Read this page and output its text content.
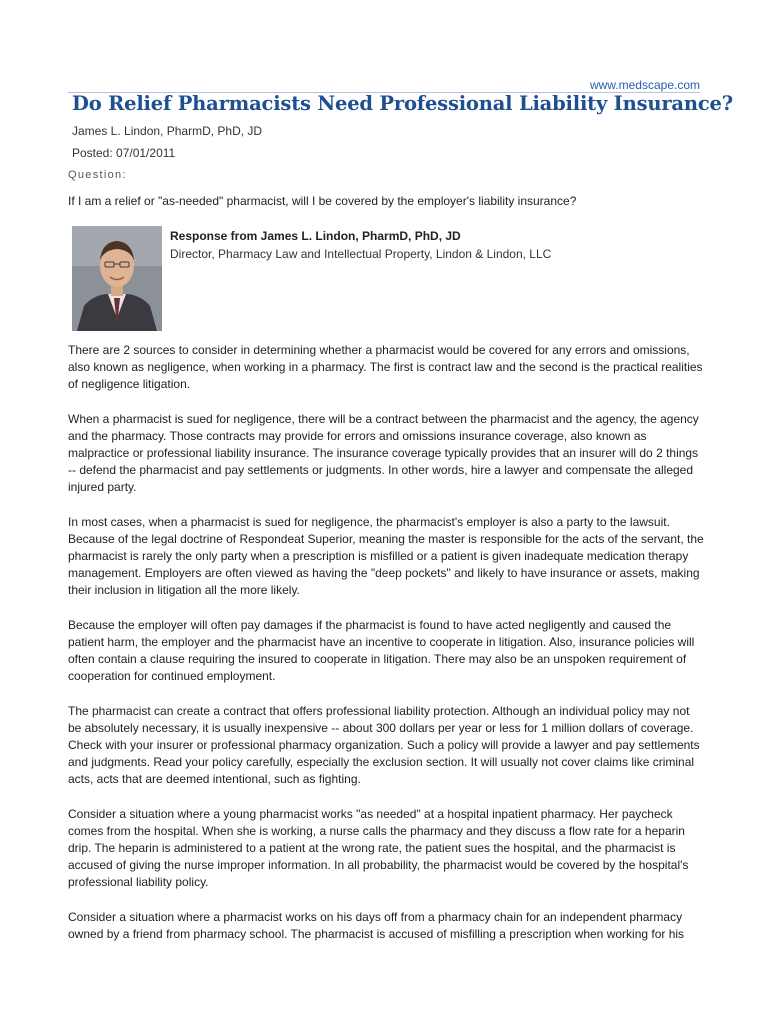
www.medscape.com
Do Relief Pharmacists Need Professional Liability Insurance?
James L. Lindon, PharmD, PhD, JD
Posted: 07/01/2011
Question:
If I am a relief or "as-needed" pharmacist, will I be covered by the employer's liability insurance?
Response from James L. Lindon, PharmD, PhD, JD
Director, Pharmacy Law and Intellectual Property, Lindon & Lindon, LLC

There are 2 sources to consider in determining whether a pharmacist would be covered for any errors and omissions, also known as negligence, when working in a pharmacy. The first is contract law and the second is the practical realities of negligence litigation.

When a pharmacist is sued for negligence, there will be a contract between the pharmacist and the agency, the agency and the pharmacy. Those contracts may provide for errors and omissions insurance coverage, also known as malpractice or professional liability insurance. The insurance coverage typically provides that an insurer will do 2 things -- defend the pharmacist and pay settlements or judgments. In other words, hire a lawyer and compensate the alleged injured party.

In most cases, when a pharmacist is sued for negligence, the pharmacist's employer is also a party to the lawsuit. Because of the legal doctrine of Respondeat Superior, meaning the master is responsible for the acts of the servant, the pharmacist is rarely the only party when a prescription is misfilled or a patient is given inadequate medication therapy management. Employers are often viewed as having the "deep pockets" and likely to have insurance or assets, making their inclusion in litigation all the more likely.

Because the employer will often pay damages if the pharmacist is found to have acted negligently and caused the patient harm, the employer and the pharmacist have an incentive to cooperate in litigation. Also, insurance policies will often contain a clause requiring the insured to cooperate in litigation. There may also be an unspoken requirement of cooperation for continued employment.

The pharmacist can create a contract that offers professional liability protection. Although an individual policy may not be absolutely necessary, it is usually inexpensive -- about 300 dollars per year or less for 1 million dollars of coverage. Check with your insurer or professional pharmacy organization. Such a policy will provide a lawyer and pay settlements and judgments. Read your policy carefully, especially the exclusion section. It will usually not cover claims like criminal acts, acts that are deemed intentional, such as fighting.

Consider a situation where a young pharmacist works "as needed" at a hospital inpatient pharmacy. Her paycheck comes from the hospital. When she is working, a nurse calls the pharmacy and they discuss a flow rate for a heparin drip. The heparin is administered to a patient at the wrong rate, the patient sues the hospital, and the pharmacist is accused of giving the nurse improper information. In all probability, the pharmacist would be covered by the hospital's professional liability policy.

Consider a situation where a pharmacist works on his days off from a pharmacy chain for an independent pharmacy owned by a friend from pharmacy school. The pharmacist is accused of misfilling a prescription when working for his
